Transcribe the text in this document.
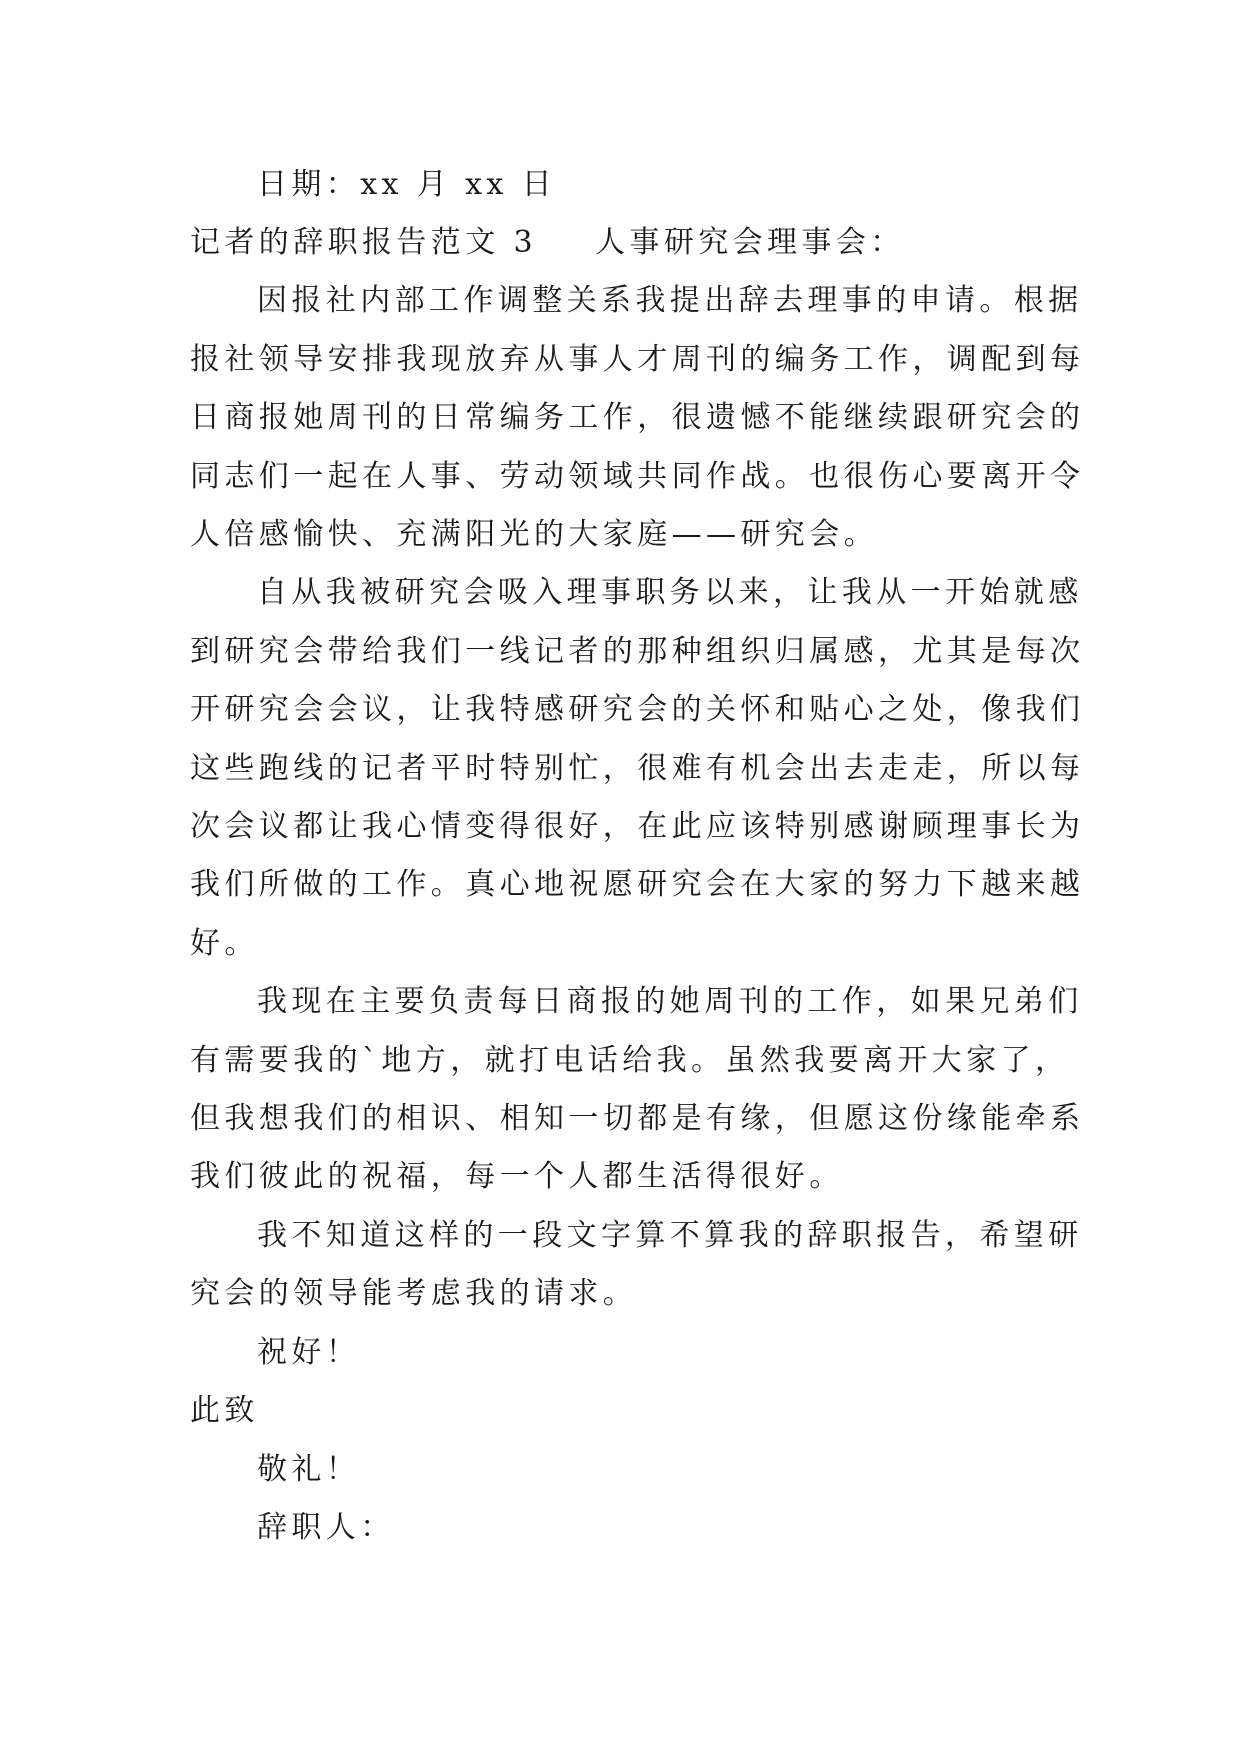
日期：xx 月 xx 日
记者的辞职报告范文 3 人事研究会理事会：
因报社内部工作调整关系我提出辞去理事的申请。根据
报社领导安排我现放弃从事人才周刊的编务工作，调配到每
日商报她周刊的日常编务工作，很遗憾不能继续跟研究会的
同志们一起在人事、劳动领域共同作战。也很伤心要离开令
人倍感愉快、充满阳光的大家庭——研究会。
自从我被研究会吸入理事职务以来，让我从一开始就感
到研究会带给我们一线记者的那种组织归属感，尤其是每次
开研究会会议，让我特感研究会的关怀和贴心之处，像我们
这些跑线的记者平时特别忙，很难有机会出去走走，所以每
次会议都让我心情变得很好，在此应该特别感谢顾理事长为
我们所做的工作。真心地祝愿研究会在大家的努力下越来越
好。
我现在主要负责每日商报的她周刊的工作，如果兄弟们
有需要我的`地方，就打电话给我。虽然我要离开大家了，
但我想我们的相识、相知一切都是有缘，但愿这份缘能牵系
我们彼此的祝福，每一个人都生活得很好。
我不知道这样的一段文字算不算我的辞职报告，希望研
究会的领导能考虑我的请求。
祝好！
此致
敬礼！
辞职人：
